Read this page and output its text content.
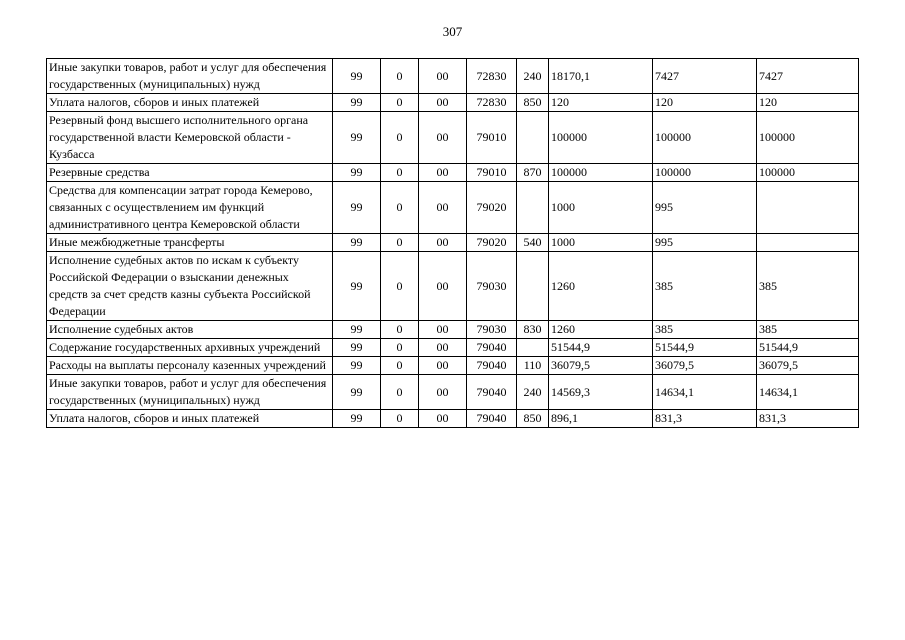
307
Иные закупки товаров, работ и услуг для обеспечения государственных (муниципальных) нужд	99	0	00	72830	240	18170,1	7427	7427
Уплата налогов, сборов и иных платежей	99	0	00	72830	850	120	120	120
Резервный фонд высшего исполнительного органа государственной власти Кемеровской области - Кузбасса	99	0	00	79010		100000	100000	100000
Резервные средства	99	0	00	79010	870	100000	100000	100000
Средства для компенсации затрат города Кемерово, связанных с осуществлением им функций административного центра Кемеровской области	99	0	00	79020		1000	995	
Иные межбюджетные трансферты	99	0	00	79020	540	1000	995	
Исполнение судебных актов по искам к субъекту Российской Федерации о взыскании денежных средств за счет средств казны субъекта Российской Федерации	99	0	00	79030		1260	385	385
Исполнение судебных актов	99	0	00	79030	830	1260	385	385
Содержание государственных архивных учреждений	99	0	00	79040		51544,9	51544,9	51544,9
Расходы на выплаты персоналу казенных учреждений	99	0	00	79040	110	36079,5	36079,5	36079,5
Иные закупки товаров, работ и услуг для обеспечения государственных (муниципальных) нужд	99	0	00	79040	240	14569,3	14634,1	14634,1
Уплата налогов, сборов и иных платежей	99	0	00	79040	850	896,1	831,3	831,3
